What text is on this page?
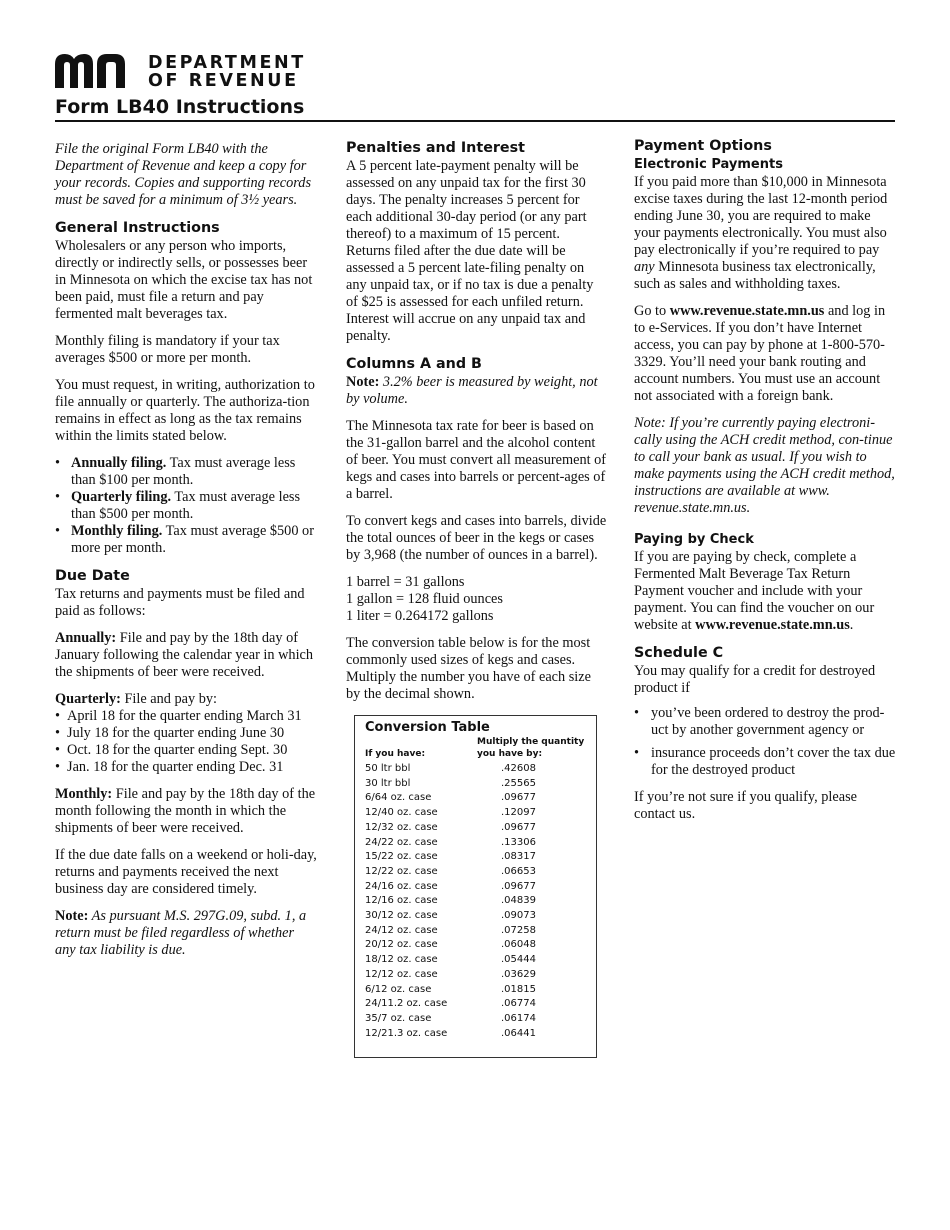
DEPARTMENT
OF REVENUE
Form LB40 Instructions

File the original Form LB40 with the Department of Revenue and keep a copy for your records. Copies and supporting records must be saved for a minimum of 3½ years.

General Instructions

Wholesalers or any person who imports, directly or indirectly sells, or possesses beer in Minnesota on which the excise tax has not been paid, must file a return and pay fermented malt beverages tax.

Monthly filing is mandatory if your tax averages $500 or more per month.

You must request, in writing, authorization to file annually or quarterly. The authoriza-tion remains in effect as long as the tax remains within the limits stated below.

• Annually filing. Tax must average less than $100 per month.
• Quarterly filing. Tax must average less than $500 per month.
• Monthly filing. Tax must average $500 or more per month.
Due Date

Tax returns and payments must be filed and paid as follows:

Annually: File and pay by the 18th day of January following the calendar year in which the shipments of beer were received.

Quarterly: File and pay by:
• April 18 for the quarter ending March 31
• July 18 for the quarter ending June 30
• Oct. 18 for the quarter ending Sept. 30
• Jan. 18 for the quarter ending Dec. 31

Monthly: File and pay by the 18th day of the month following the month in which the shipments of beer were received.

If the due date falls on a weekend or holi-day, returns and payments received the next business day are considered timely.

Note: As pursuant M.S. 297G.09, subd. 1, a return must be filed regardless of whether any tax liability is due.

Penalties and Interest

A 5 percent late-payment penalty will be assessed on any unpaid tax for the first 30 days. The penalty increases 5 percent for each additional 30-day period (or any part thereof) to a maximum of 15 percent. Returns filed after the due date will be assessed a 5 percent late-filing penalty on any unpaid tax, or if no tax is due a penalty of $25 is assessed for each unfiled return. Interest will accrue on any unpaid tax and penalty.

Columns A and B

Note: 3.2% beer is measured by weight, not by volume.

The Minnesota tax rate for beer is based on the 31-gallon barrel and the alcohol content of beer. You must convert all measurement of kegs and cases into barrels or percent-ages of a barrel.

To convert kegs and cases into barrels, divide the total ounces of beer in the kegs or cases by 3,968 (the number of ounces in a barrel).

1 barrel = 31 gallons
1 gallon = 128 fluid ounces
1 liter = 0.264172 gallons

The conversion table below is for the most commonly used sizes of kegs and cases. Multiply the number you have of each size by the decimal shown.

Conversion Table
If you have:
Multiply the quantity you have by:
50 ltr bbl	.42608
30 ltr bbl	.25565
6/64 oz. case	.09677
12/40 oz. case	.12097
12/32 oz. case	.09677
24/22 oz. case	.13306
15/22 oz. case	.08317
12/22 oz. case	.06653
24/16 oz. case	.09677
12/16 oz. case	.04839
30/12 oz. case	.09073
24/12 oz. case	.07258
20/12 oz. case	.06048
18/12 oz. case	.05444
12/12 oz. case	.03629
6/12 oz. case	.01815
24/11.2 oz. case	.06774
35/7 oz. case	.06174
12/21.3 oz. case	.06441
Payment Options
Electronic Payments

If you paid more than $10,000 in Minnesota excise taxes during the last 12-month period ending June 30, you are required to make your payments electronically. You must also pay electronically if you’re required to pay any Minnesota business tax electronically, such as sales and withholding taxes.

Go to www.revenue.state.mn.us and log in to e-Services. If you don’t have Internet access, you can pay by phone at 1-800-570-3329. You’ll need your bank routing and account numbers. You must use an account not associated with a foreign bank.

Note: If you’re currently paying electroni-cally using the ACH credit method, con-tinue to call your bank as usual. If you wish to make payments using the ACH credit method, instructions are available at www. revenue.state.mn.us.

Paying by Check

If you are paying by check, complete a Fermented Malt Beverage Tax Return Payment voucher and include with your payment. You can find the voucher on our website at www.revenue.state.mn.us.

Schedule C

You may qualify for a credit for destroyed product if

• you’ve been ordered to destroy the prod-uct by another government agency or
• insurance proceeds don’t cover the tax due for the destroyed product

If you’re not sure if you qualify, please contact us.
